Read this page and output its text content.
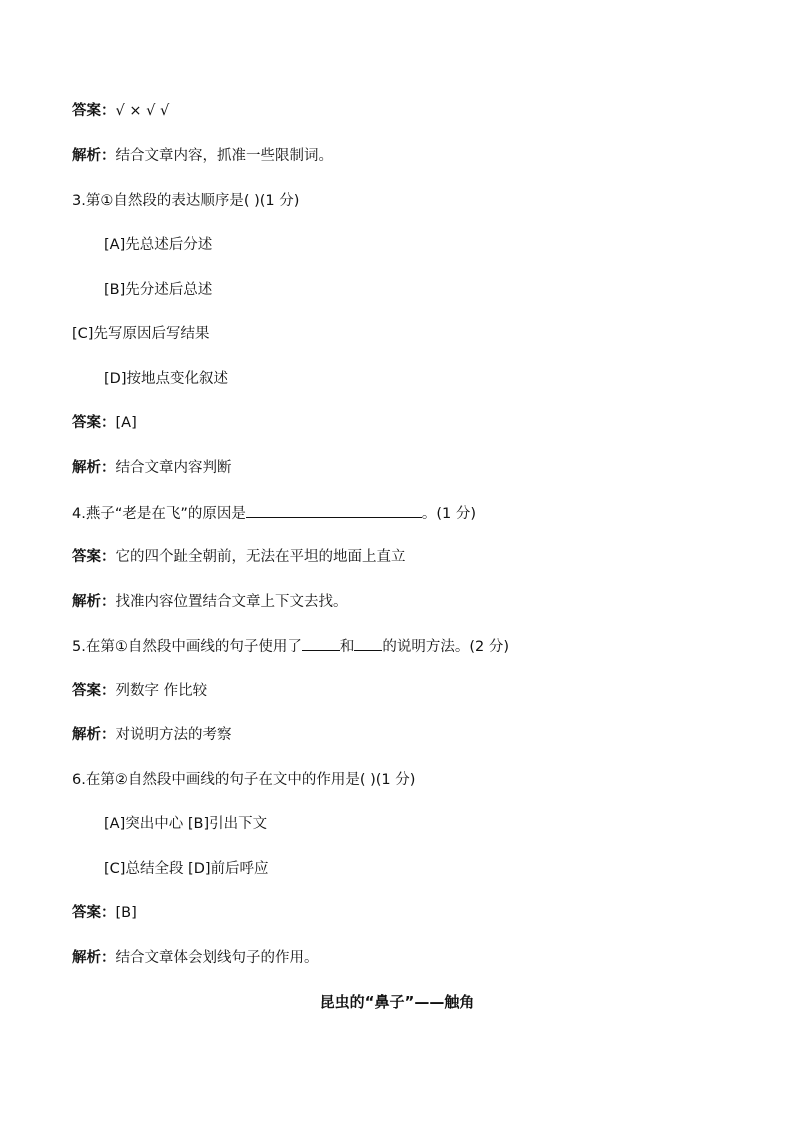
答案：√ × √ √
解析：结合文章内容，抓准一些限制词。
3.第①自然段的表达顺序是( )(1 分)
[A]先总述后分述
[B]先分述后总述
[C]先写原因后写结果
[D]按地点变化叙述
答案：[A]
解析：结合文章内容判断
4.燕子“老是在飞”的原因是	。(1 分)
答案：它的四个趾全朝前，无法在平坦的地面上直立
解析：找准内容位置结合文章上下文去找。
5.在第①自然段中画线的句子使用了	和 的说明方法。(2 分)
答案：列数字 作比较
解析：对说明方法的考察
6.在第②自然段中画线的句子在文中的作用是( )(1 分)
[A]突出中心 [B]引出下文
[C]总结全段 [D]前后呼应
答案：[B]
解析：结合文章体会划线句子的作用。
昆虫的“鼻子”——触角
